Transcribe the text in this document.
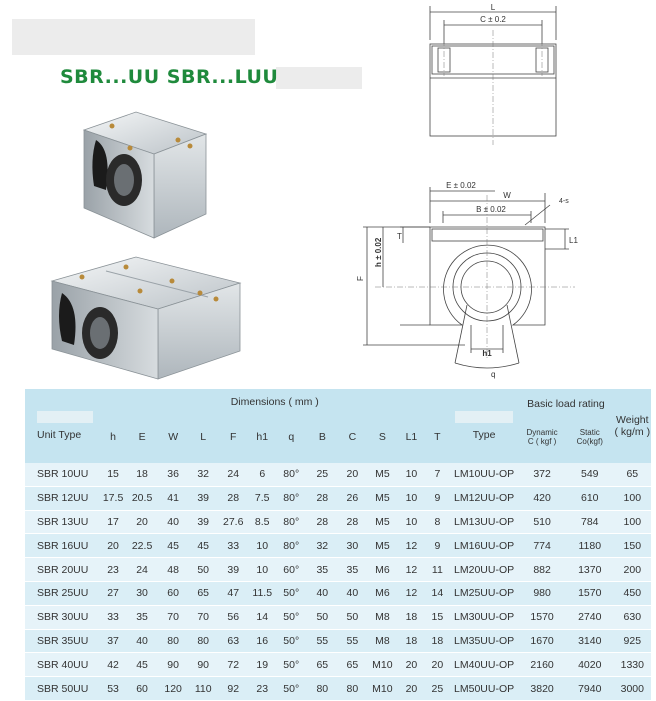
SBR...UU SBR...LUU
L
C ± 0.2
E ± 0.02
W
B ± 0.02
4-s
T	L1
h ± 0.02
F
h1
q
Unit Type	Dimensions ( mm )												Type	Basic load rating		Weight
( kg/m )

	h	E	W	L	F	h1	q	B	C	S	L1	T		Dynamic
C ( kgf )	Static
Co(kgf)	

SBR 10UU	15	18	36	32	24	6	80°	25	20	M5	10	7	LM10UU-OP	372	549	65
SBR 12UU	17.5	20.5	41	39	28	7.5	80°	28	26	M5	10	9	LM12UU-OP	420	610	100
SBR 13UU	17	20	40	39	27.6	8.5	80°	28	28	M5	10	8	LM13UU-OP	510	784	100
SBR 16UU	20	22.5	45	45	33	10	80°	32	30	M5	12	9	LM16UU-OP	774	1180	150
SBR 20UU	23	24	48	50	39	10	60°	35	35	M6	12	11	LM20UU-OP	882	1370	200
SBR 25UU	27	30	60	65	47	11.5	50°	40	40	M6	12	14	LM25UU-OP	980	1570	450
SBR 30UU	33	35	70	70	56	14	50°	50	50	M8	18	15	LM30UU-OP	1570	2740	630
SBR 35UU	37	40	80	80	63	16	50°	55	55	M8	18	18	LM35UU-OP	1670	3140	925
SBR 40UU	42	45	90	90	72	19	50°	65	65	M10	20	20	LM40UU-OP	2160	4020	1330
SBR 50UU	53	60	120	110	92	23	50°	80	80	M10	20	25	LM50UU-OP	3820	7940	3000
